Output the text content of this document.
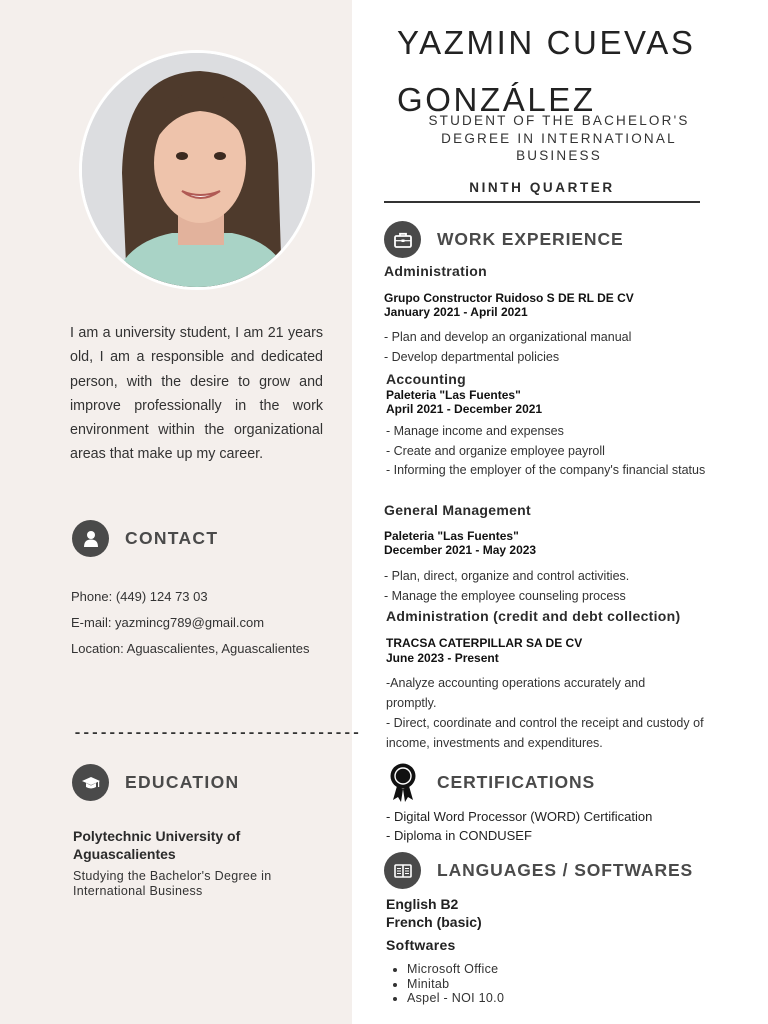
I am a university student, I am 21 years old, I am a responsible and dedicated person, with the desire to grow and improve professionally in the work environment within the organizational areas that make up my career.

CONTACT
Phone: (449) 124 73 03
E-mail: yazmincg789@gmail.com
Location: Aguascalientes, Aguascalientes
---------------------------------
EDUCATION
Polytechnic University of Aguascalientes
Studying the Bachelor's Degree in International Business
YAZMIN CUEVAS GONZÁLEZ
STUDENT OF THE BACHELOR'S DEGREE IN INTERNATIONAL BUSINESS
NINTH QUARTER
WORK EXPERIENCE
Administration
Grupo Constructor Ruidoso S DE RL DE CV
January 2021 - April 2021
- Plan and develop an organizational manual
- Develop departmental policies
Accounting
Paleteria "Las Fuentes"
April 2021 - December 2021
- Manage income and expenses
- Create and organize employee payroll
- Informing the employer of the company's financial status
General Management
Paleteria "Las Fuentes"
December 2021 - May 2023
- Plan, direct, organize and control activities.
- Manage the employee counseling process
Administration (credit and debt collection)
TRACSA CATERPILLAR SA DE CV
June 2023 - Present
-Analyze accounting operations accurately and promptly.
- Direct, coordinate and control the receipt and custody of income, investments and expenditures.
CERTIFICATIONS
- Digital Word Processor (WORD) Certification
- Diploma in CONDUSEF
LANGUAGES / SOFTWARES
English B2
French (basic)
Softwares
• Microsoft Office
• Minitab
• Aspel - NOI 10.0
